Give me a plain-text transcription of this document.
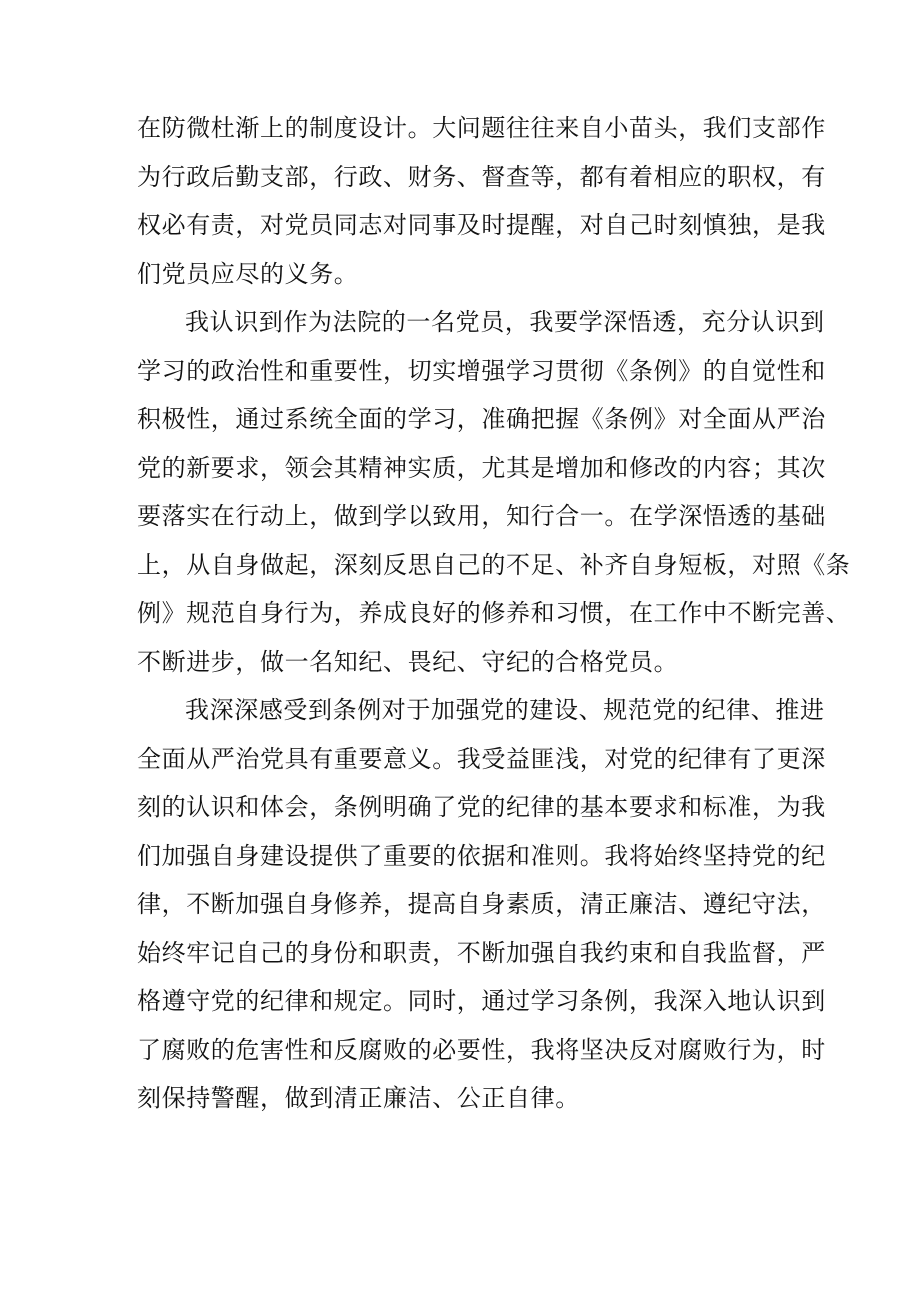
在防微杜渐上的制度设计。大问题往往来自小苗头，我们支部作
为行政后勤支部，行政、财务、督查等，都有着相应的职权，有
权必有责，对党员同志对同事及时提醒，对自己时刻慎独，是我
们党员应尽的义务。
我认识到作为法院的一名党员，我要学深悟透，充分认识到
学习的政治性和重要性，切实增强学习贯彻《条例》的自觉性和
积极性，通过系统全面的学习，准确把握《条例》对全面从严治
党的新要求，领会其精神实质，尤其是增加和修改的内容；其次
要落实在行动上，做到学以致用，知行合一。在学深悟透的基础
上，从自身做起，深刻反思自己的不足、补齐自身短板，对照《条
例》规范自身行为，养成良好的修养和习惯，在工作中不断完善、
不断进步，做一名知纪、畏纪、守纪的合格党员。
我深深感受到条例对于加强党的建设、规范党的纪律、推进
全面从严治党具有重要意义。我受益匪浅，对党的纪律有了更深
刻的认识和体会，条例明确了党的纪律的基本要求和标准，为我
们加强自身建设提供了重要的依据和准则。我将始终坚持党的纪
律，不断加强自身修养，提高自身素质，清正廉洁、遵纪守法，
始终牢记自己的身份和职责，不断加强自我约束和自我监督，严
格遵守党的纪律和规定。同时，通过学习条例，我深入地认识到
了腐败的危害性和反腐败的必要性，我将坚决反对腐败行为，时
刻保持警醒，做到清正廉洁、公正自律。
